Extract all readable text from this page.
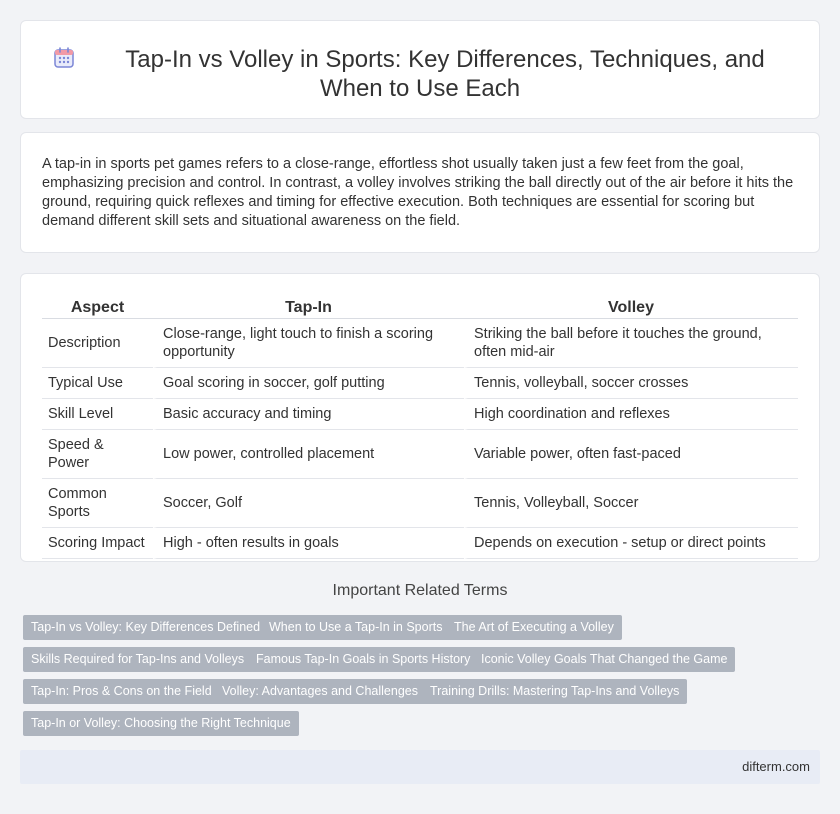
Tap-In vs Volley in Sports: Key Differences, Techniques, and When to Use Each

A tap-in in sports pet games refers to a close-range, effortless shot usually taken just a few feet from the goal, emphasizing precision and control. In contrast, a volley involves striking the ball directly out of the air before it hits the ground, requiring quick reflexes and timing for effective execution. Both techniques are essential for scoring but demand different skill sets and situational awareness on the field.

Aspect	Tap-In	Volley
Description	Close-range, light touch to finish a scoring opportunity	Striking the ball before it touches the ground, often mid-air
Typical Use	Goal scoring in soccer, golf putting	Tennis, volleyball, soccer crosses
Skill Level	Basic accuracy and timing	High coordination and reflexes
Speed & Power	Low power, controlled placement	Variable power, often fast-paced
Common Sports	Soccer, Golf	Tennis, Volleyball, Soccer
Scoring Impact	High - often results in goals	Depends on execution - setup or direct points
Important Related Terms
Tap-In vs Volley: Key Differences Defined When to Use a Tap-In in Sports The Art of Executing a Volley
Skills Required for Tap-Ins and Volleys Famous Tap-In Goals in Sports History Iconic Volley Goals That Changed the Game
Tap-In: Pros & Cons on the Field Volley: Advantages and Challenges Training Drills: Mastering Tap-Ins and Volleys
Tap-In or Volley: Choosing the Right Technique
difterm.com
